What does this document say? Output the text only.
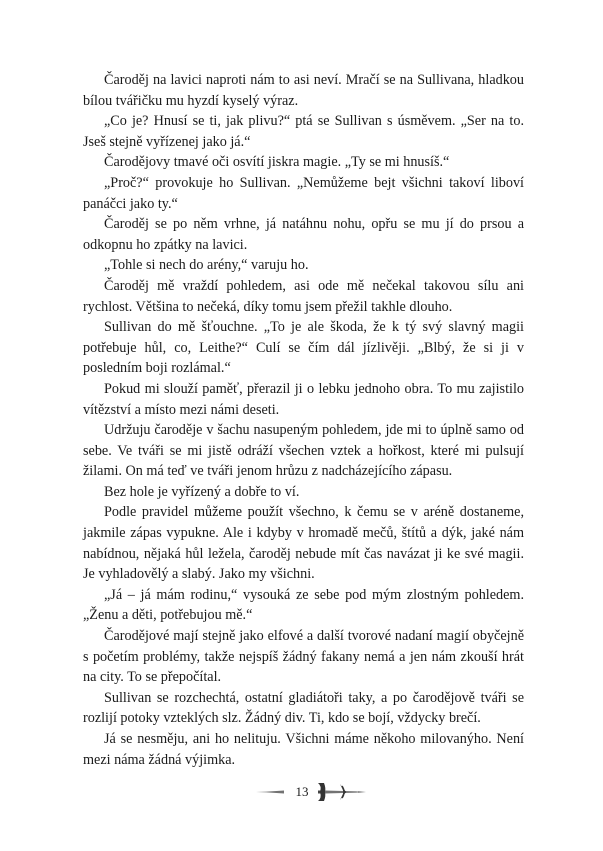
Čaroděj na lavici naproti nám to asi neví. Mračí se na Sullivana, hladkou bílou tvářičku mu hyzdí kyselý výraz.

„Co je? Hnusí se ti, jak plivu?“ ptá se Sullivan s úsměvem. „Ser na to. Jseš stejně vyřízenej jako já.“

Čarodějovy tmavé oči osvítí jiskra magie. „Ty se mi hnusíš.“

„Proč?“ provokuje ho Sullivan. „Nemůžeme bejt všichni takoví liboví panáčci jako ty.“

Čaroděj se po něm vrhne, já natáhnu nohu, opřu se mu jí do prsou a odkopnu ho zpátky na lavici.

„Tohle si nech do arény,“ varuju ho.

Čaroděj mě vraždí pohledem, asi ode mě nečekal takovou sílu ani rychlost. Většina to nečeká, díky tomu jsem přežil takhle dlouho.

Sullivan do mě šťouchne. „To je ale škoda, že k tý svý slavný magii potřebuje hůl, co, Leithe?“ Culí se čím dál jízlivěji. „Blbý, že si ji v posledním boji rozlámal.“

Pokud mi slouží paměť, přerazil ji o lebku jednoho obra. To mu zajistilo vítězství a místo mezi námi deseti.

Udržuju čaroděje v šachu nasupeným pohledem, jde mi to úplně samo od sebe. Ve tváři se mi jistě odráží všechen vztek a hořkost, které mi pulsují žilami. On má teď ve tváři jenom hrůzu z nadcházejícího zápasu.

Bez hole je vyřízený a dobře to ví.

Podle pravidel můžeme použít všechno, k čemu se v aréně dostaneme, jakmile zápas vypukne. Ale i kdyby v hromadě mečů, štítů a dýk, jaké nám nabídnou, nějaká hůl ležela, čaroděj nebude mít čas navázat ji ke své magii. Je vyhladovělý a slabý. Jako my všichni.

„Já – já mám rodinu,“ vysouká ze sebe pod mým zlostným pohledem. „Ženu a děti, potřebujou mě.“

Čarodějové mají stejně jako elfové a další tvorové nadaní magií obyčejně s početím problémy, takže nejspíš žádný fakany nemá a jen nám zkouší hrát na city. To se přepočítal.

Sullivan se rozchechtá, ostatní gladiátoři taky, a po čarodějově tváři se rozlijí potoky vzteklých slz. Žádný div. Ti, kdo se bojí, vždycky brečí.

Já se nesměju, ani ho nelituju. Všichni máme někoho milovanýho. Není mezi náma žádná výjimka.

13
